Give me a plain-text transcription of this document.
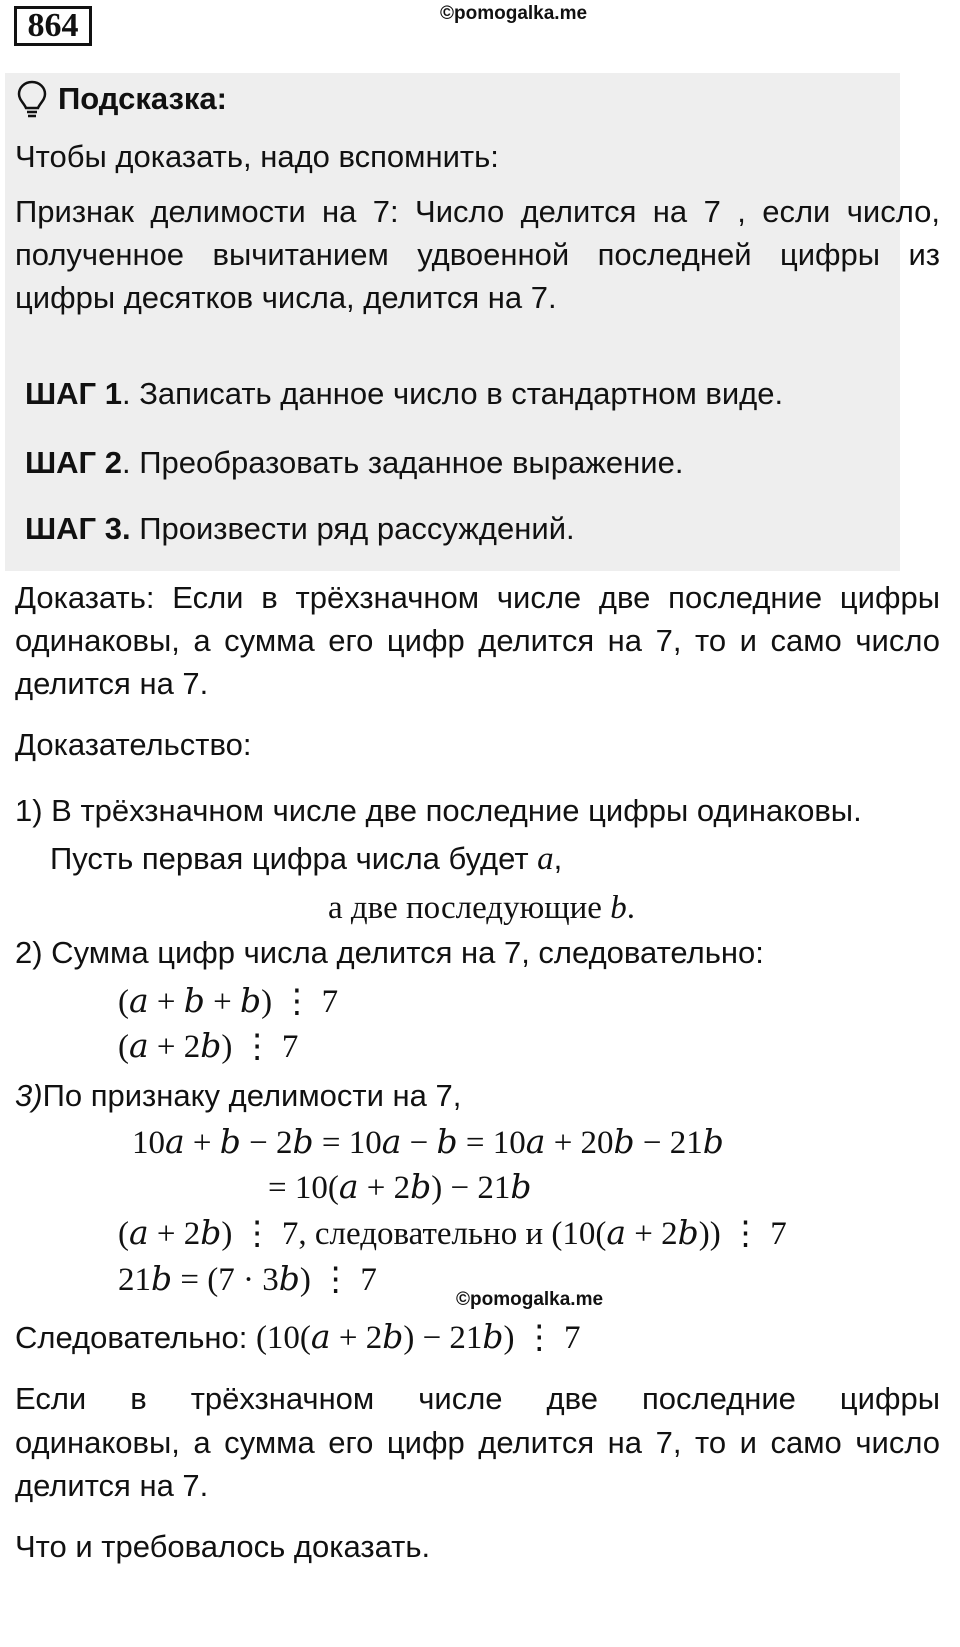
864	©pomogalka.me
Подсказка:
Чтобы доказать, надо вспомнить:
Признак делимости на 7: Число делится на 7 , если число,
полученное вычитанием удвоенной последней цифры из
цифры десятков числа, делится на 7.
ШАГ 1. Записать данное число в стандартном виде.
ШАГ 2. Преобразовать заданное выражение.
ШАГ 3. Произвести ряд рассуждений.
Доказать: Если в трёхзначном числе две последние цифры
одинаковы, а сумма его цифр делится на 7, то и само число
делится на 7.
Доказательство:
1) В трёхзначном числе две последние цифры одинаковы.
Пусть первая цифра числа будет a,
а две последующие b.
2) Сумма цифр числа делится на 7, следовательно:
(𝑎 + 𝑏 + 𝑏) ⋮ 7
(𝑎 + 2𝑏) ⋮ 7
3)По признаку делимости на 7,
10𝑎 + 𝑏 − 2𝑏 = 10𝑎 − 𝑏 = 10𝑎 + 20𝑏 − 21𝑏
= 10(𝑎 + 2𝑏) − 21𝑏
(𝑎 + 2𝑏) ⋮ 7, следовательно и (10(𝑎 + 2𝑏)) ⋮ 7
21𝑏 = (7 · 3𝑏) ⋮ 7
©pomogalka.me
Следовательно: (10(𝑎 + 2𝑏) − 21𝑏) ⋮ 7
Если в трёхзначном числе две последние цифры
одинаковы, а сумма его цифр делится на 7, то и само число
делится на 7.
Что и требовалось доказать.
